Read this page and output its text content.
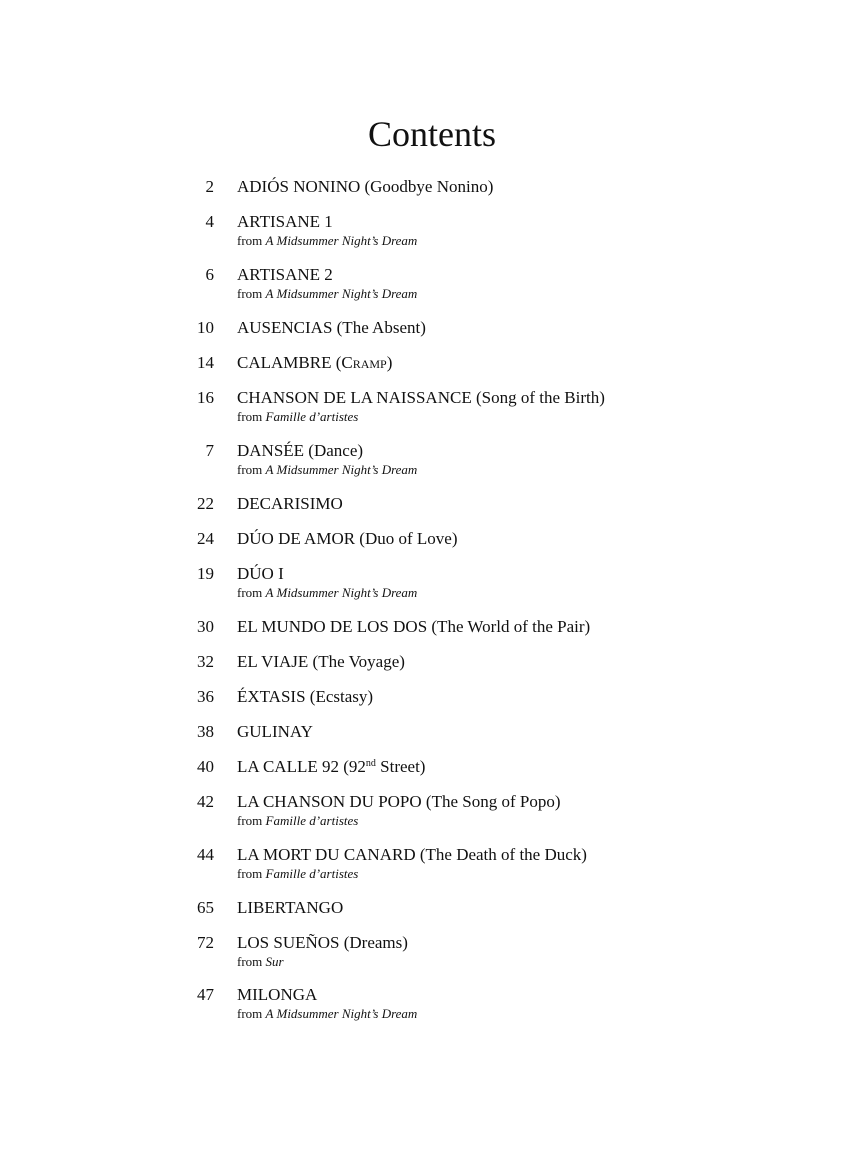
Contents
2 ADIÓS NONINO (Goodbye Nonino)
4 ARTISANE 1
from A Midsummer Night’s Dream
6 ARTISANE 2
from A Midsummer Night’s Dream
10 AUSENCIAS (The Absent)
14 CALAMBRE (Cramp)
16 CHANSON DE LA NAISSANCE (Song of the Birth)
from Famille d’artistes
7 DANSÉE (Dance)
from A Midsummer Night’s Dream
22 DECARISIMO
24 DÚO DE AMOR (Duo of Love)
19 DÚO I
from A Midsummer Night’s Dream
30 EL MUNDO DE LOS DOS (The World of the Pair)
32 EL VIAJE (The Voyage)
36 ÉXTASIS (Ecstasy)
38 GULINAY
40 LA CALLE 92 (92nd Street)
42 LA CHANSON DU POPO (The Song of Popo)
from Famille d’artistes
44 LA MORT DU CANARD (The Death of the Duck)
from Famille d’artistes
65 LIBERTANGO
72 LOS SUEÑOS (Dreams)
from Sur
47 MILONGA
from A Midsummer Night’s Dream
